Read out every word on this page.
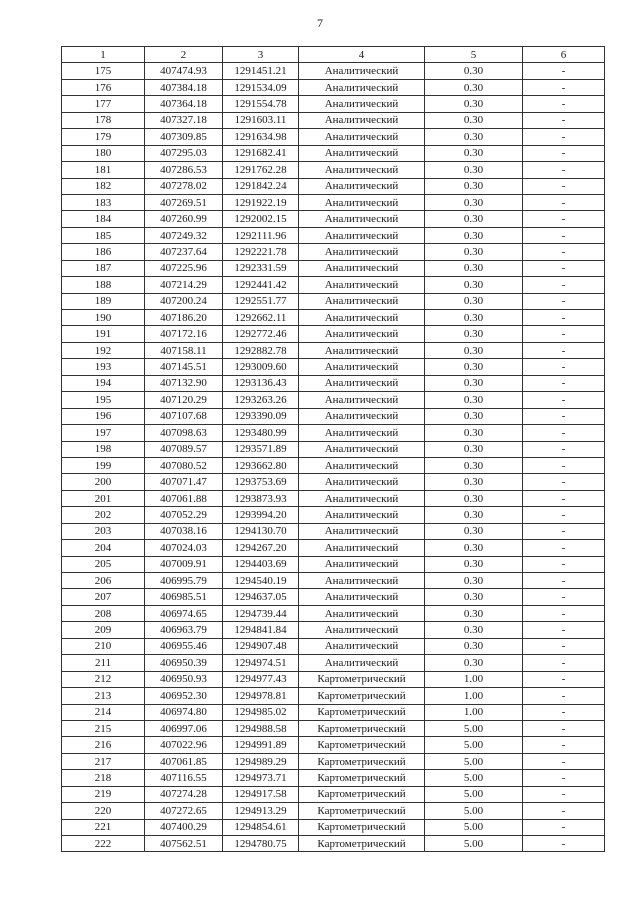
7
1	2	3	4	5	6
175	407474.93	1291451.21	Аналитический	0.30	-
176	407384.18	1291534.09	Аналитический	0.30	-
177	407364.18	1291554.78	Аналитический	0.30	-
178	407327.18	1291603.11	Аналитический	0.30	-
179	407309.85	1291634.98	Аналитический	0.30	-
180	407295.03	1291682.41	Аналитический	0.30	-
181	407286.53	1291762.28	Аналитический	0.30	-
182	407278.02	1291842.24	Аналитический	0.30	-
183	407269.51	1291922.19	Аналитический	0.30	-
184	407260.99	1292002.15	Аналитический	0.30	-
185	407249.32	1292111.96	Аналитический	0.30	-
186	407237.64	1292221.78	Аналитический	0.30	-
187	407225.96	1292331.59	Аналитический	0.30	-
188	407214.29	1292441.42	Аналитический	0.30	-
189	407200.24	1292551.77	Аналитический	0.30	-
190	407186.20	1292662.11	Аналитический	0.30	-
191	407172.16	1292772.46	Аналитический	0.30	-
192	407158.11	1292882.78	Аналитический	0.30	-
193	407145.51	1293009.60	Аналитический	0.30	-
194	407132.90	1293136.43	Аналитический	0.30	-
195	407120.29	1293263.26	Аналитический	0.30	-
196	407107.68	1293390.09	Аналитический	0.30	-
197	407098.63	1293480.99	Аналитический	0.30	-
198	407089.57	1293571.89	Аналитический	0.30	-
199	407080.52	1293662.80	Аналитический	0.30	-
200	407071.47	1293753.69	Аналитический	0.30	-
201	407061.88	1293873.93	Аналитический	0.30	-
202	407052.29	1293994.20	Аналитический	0.30	-
203	407038.16	1294130.70	Аналитический	0.30	-
204	407024.03	1294267.20	Аналитический	0.30	-
205	407009.91	1294403.69	Аналитический	0.30	-
206	406995.79	1294540.19	Аналитический	0.30	-
207	406985.51	1294637.05	Аналитический	0.30	-
208	406974.65	1294739.44	Аналитический	0.30	-
209	406963.79	1294841.84	Аналитический	0.30	-
210	406955.46	1294907.48	Аналитический	0.30	-
211	406950.39	1294974.51	Аналитический	0.30	-
212	406950.93	1294977.43	Картометрический	1.00	-
213	406952.30	1294978.81	Картометрический	1.00	-
214	406974.80	1294985.02	Картометрический	1.00	-
215	406997.06	1294988.58	Картометрический	5.00	-
216	407022.96	1294991.89	Картометрический	5.00	-
217	407061.85	1294989.29	Картометрический	5.00	-
218	407116.55	1294973.71	Картометрический	5.00	-
219	407274.28	1294917.58	Картометрический	5.00	-
220	407272.65	1294913.29	Картометрический	5.00	-
221	407400.29	1294854.61	Картометрический	5.00	-
222	407562.51	1294780.75	Картометрический	5.00	-
